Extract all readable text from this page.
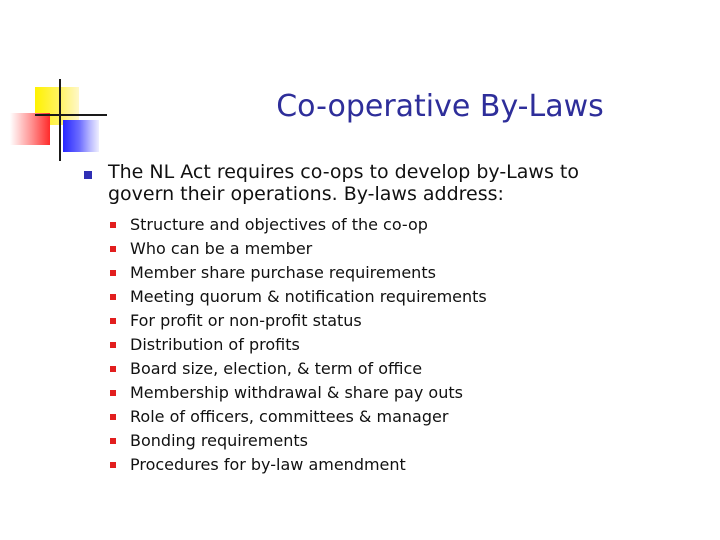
Co-operative By-Laws
The NL Act requires co-ops to develop by-Laws to govern their operations. By-laws address:
Structure and objectives of the co-op
Who can be a member
Member share purchase requirements
Meeting quorum & notification requirements
For profit or non-profit status
Distribution of profits
Board size, election, & term of office
Membership withdrawal & share pay outs
Role of officers, committees & manager
Bonding requirements
Procedures for by-law amendment
